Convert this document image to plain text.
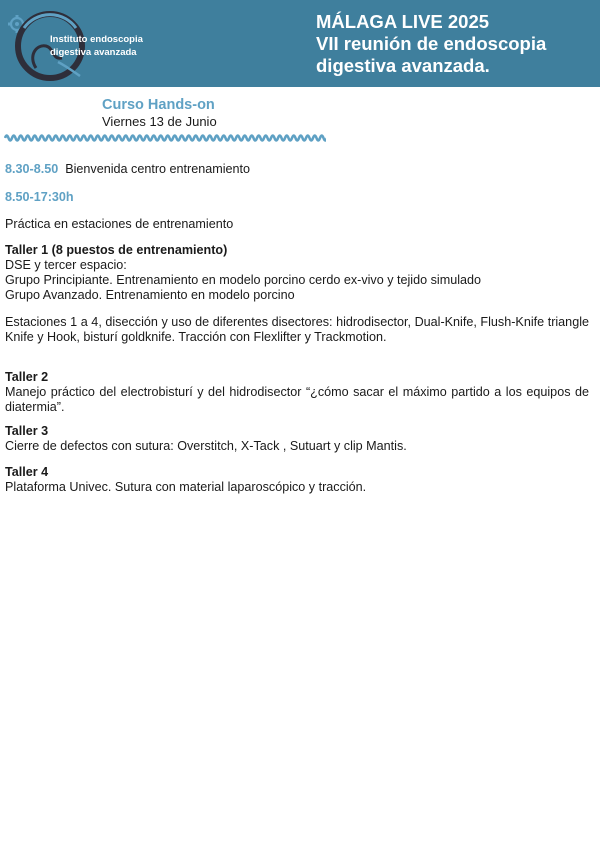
Instituto endoscopia
digestiva avanzada
MÁLAGA LIVE 2025
VII reunión de endoscopia
digestiva avanzada.
Curso Hands-on
Viernes 13 de Junio
8.30-8.50 Bienvenida centro entrenamiento
8.50-17:30h
Práctica en estaciones de entrenamiento
Taller 1 (8 puestos de entrenamiento)
DSE y tercer espacio:
Grupo Principiante. Entrenamiento en modelo porcino cerdo ex-vivo y tejido simulado
Grupo Avanzado. Entrenamiento en modelo porcino
Estaciones 1 a 4, disección y uso de diferentes disectores: hidrodisector, Dual-Knife, Flush-Knife triangle Knife y Hook, bisturí goldknife. Tracción con Flexlifter y Trackmotion.
Taller 2
Manejo práctico del electrobisturí y del hidrodisector “¿cómo sacar el máximo partido a los equipos de diatermia”.
Taller 3
Cierre de defectos con sutura: Overstitch, X-Tack , Sutuart y clip Mantis.
Taller 4
Plataforma Univec. Sutura con material laparoscópico y tracción.
